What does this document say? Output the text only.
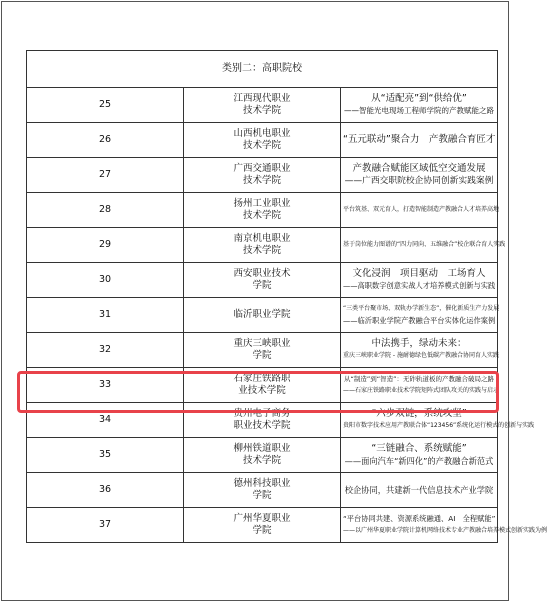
类别二：高职院校		
25	江西现代职业
技术学院	从“适配亮”到“供给优”
——智能光电现场工程师学院的产教赋能之路

26	山西机电职业
技术学院	“五元联动”聚合力　产教融合育匠才

27	广西交通职业
技术学院	产教融合赋能区域低空交通发展
——广西交职院校企协同创新实践案例

28	扬州工业职业
技术学院	平台筑基、双元育人，打造智能制造产教融合人才培养高地

29	南京机电职业
技术学院	基于岗位能力图谱的“四力同向、五维融合”校企联合育人实践

30	西安职业技术
学院	文化浸润　项目驱动　工场育人
——高职数字创意实战人才培养模式创新与实践

31	临沂职业学院	“三类平台聚市场、双轨办学新生态”，催化新质生产力发展
——临沂职业学院产教融合平台实体化运作案例

32	重庆三峡职业
学院	中法携手，绿动未来：
重庆三峡职业学院 - 施耐德绿色低碳产教融合协同育人实践

33	石家庄铁路职
业技术学院	从“制造”到“智造”：无砟轨道板的产教融合破局之路
——石家庄铁路职业技术学院矩阵式团队攻关的实践与启示

34	贵州电子商务
职业技术学院	“六步双链，系统攻坚”
贵阳市数字技术应用产教联合体“123456”系统化运行模式的创新与实践

35	柳州铁道职业
技术学院	“三链融合、系统赋能”
——面向汽车“新四化”的产教融合新范式

36	德州科技职业
学院	校企协同，共建新一代信息技术产业学院

37	广州华夏职业
学院	“平台协同共建、资源系统融通、AI　全程赋能”
——以广州华夏职业学院计算机网络技术专业产教融合培养模式创新实践为例
